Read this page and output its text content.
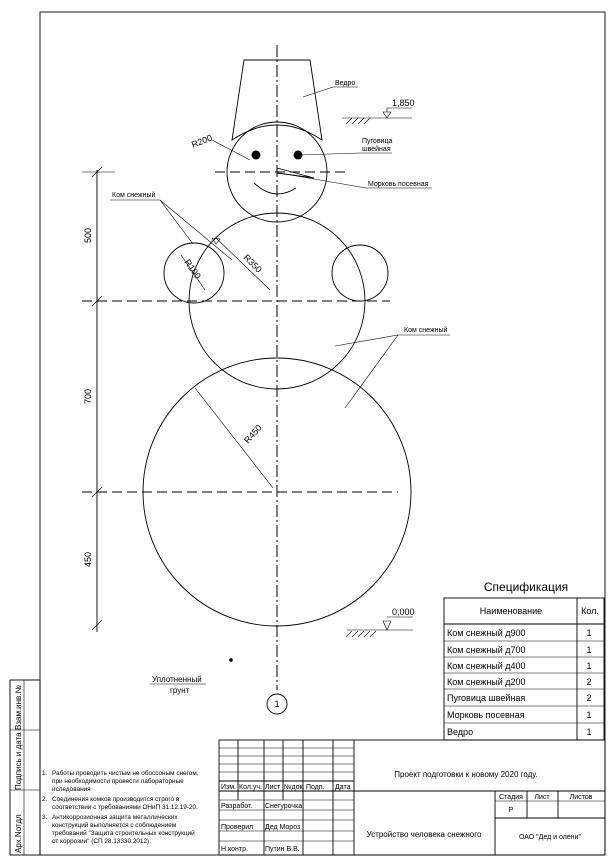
Взам.инв.№
Подпись и дата
Арх.Nотдл
R200
R100	R350
R450
500
700
450
1,850
0,000
Ведро
Пуговица
швейная
Морковь посевная
Ком снежный
Ком снежный
Уплотненный
грунт
1
Спецификация
Наименование	Кол.
Ком снежный д900	1
Ком снежный д700	1
Ком снежный д400	1
Ком снежный д200	2
Пуговица швейная	2
Морковь посевная	1
Ведро	1
1. Работы проводить чистым не обоссоным снегом,
при необходимости провести лабораторные
иследования
2. Соединения комков производится строго в
соответствии с требованиями ОНиП 31.12.19-20.
3. Антикоррозионная защита металлических
конструкций выполняется с соблюдением
требований "Защита строительных конструкций
от коррозии" (СП 28.13330.2012).
Изм. Кол.уч. Лист №док. Подп. Дата
Разработ. Снегурочка
Проверил Дед Мороз
Н.контр. Путин В.В.
Проект подготовки к новому 2020 году.
Устройство человека снежного	ОАО "Дед и олени"
Стадия Лист	Листов
Р
